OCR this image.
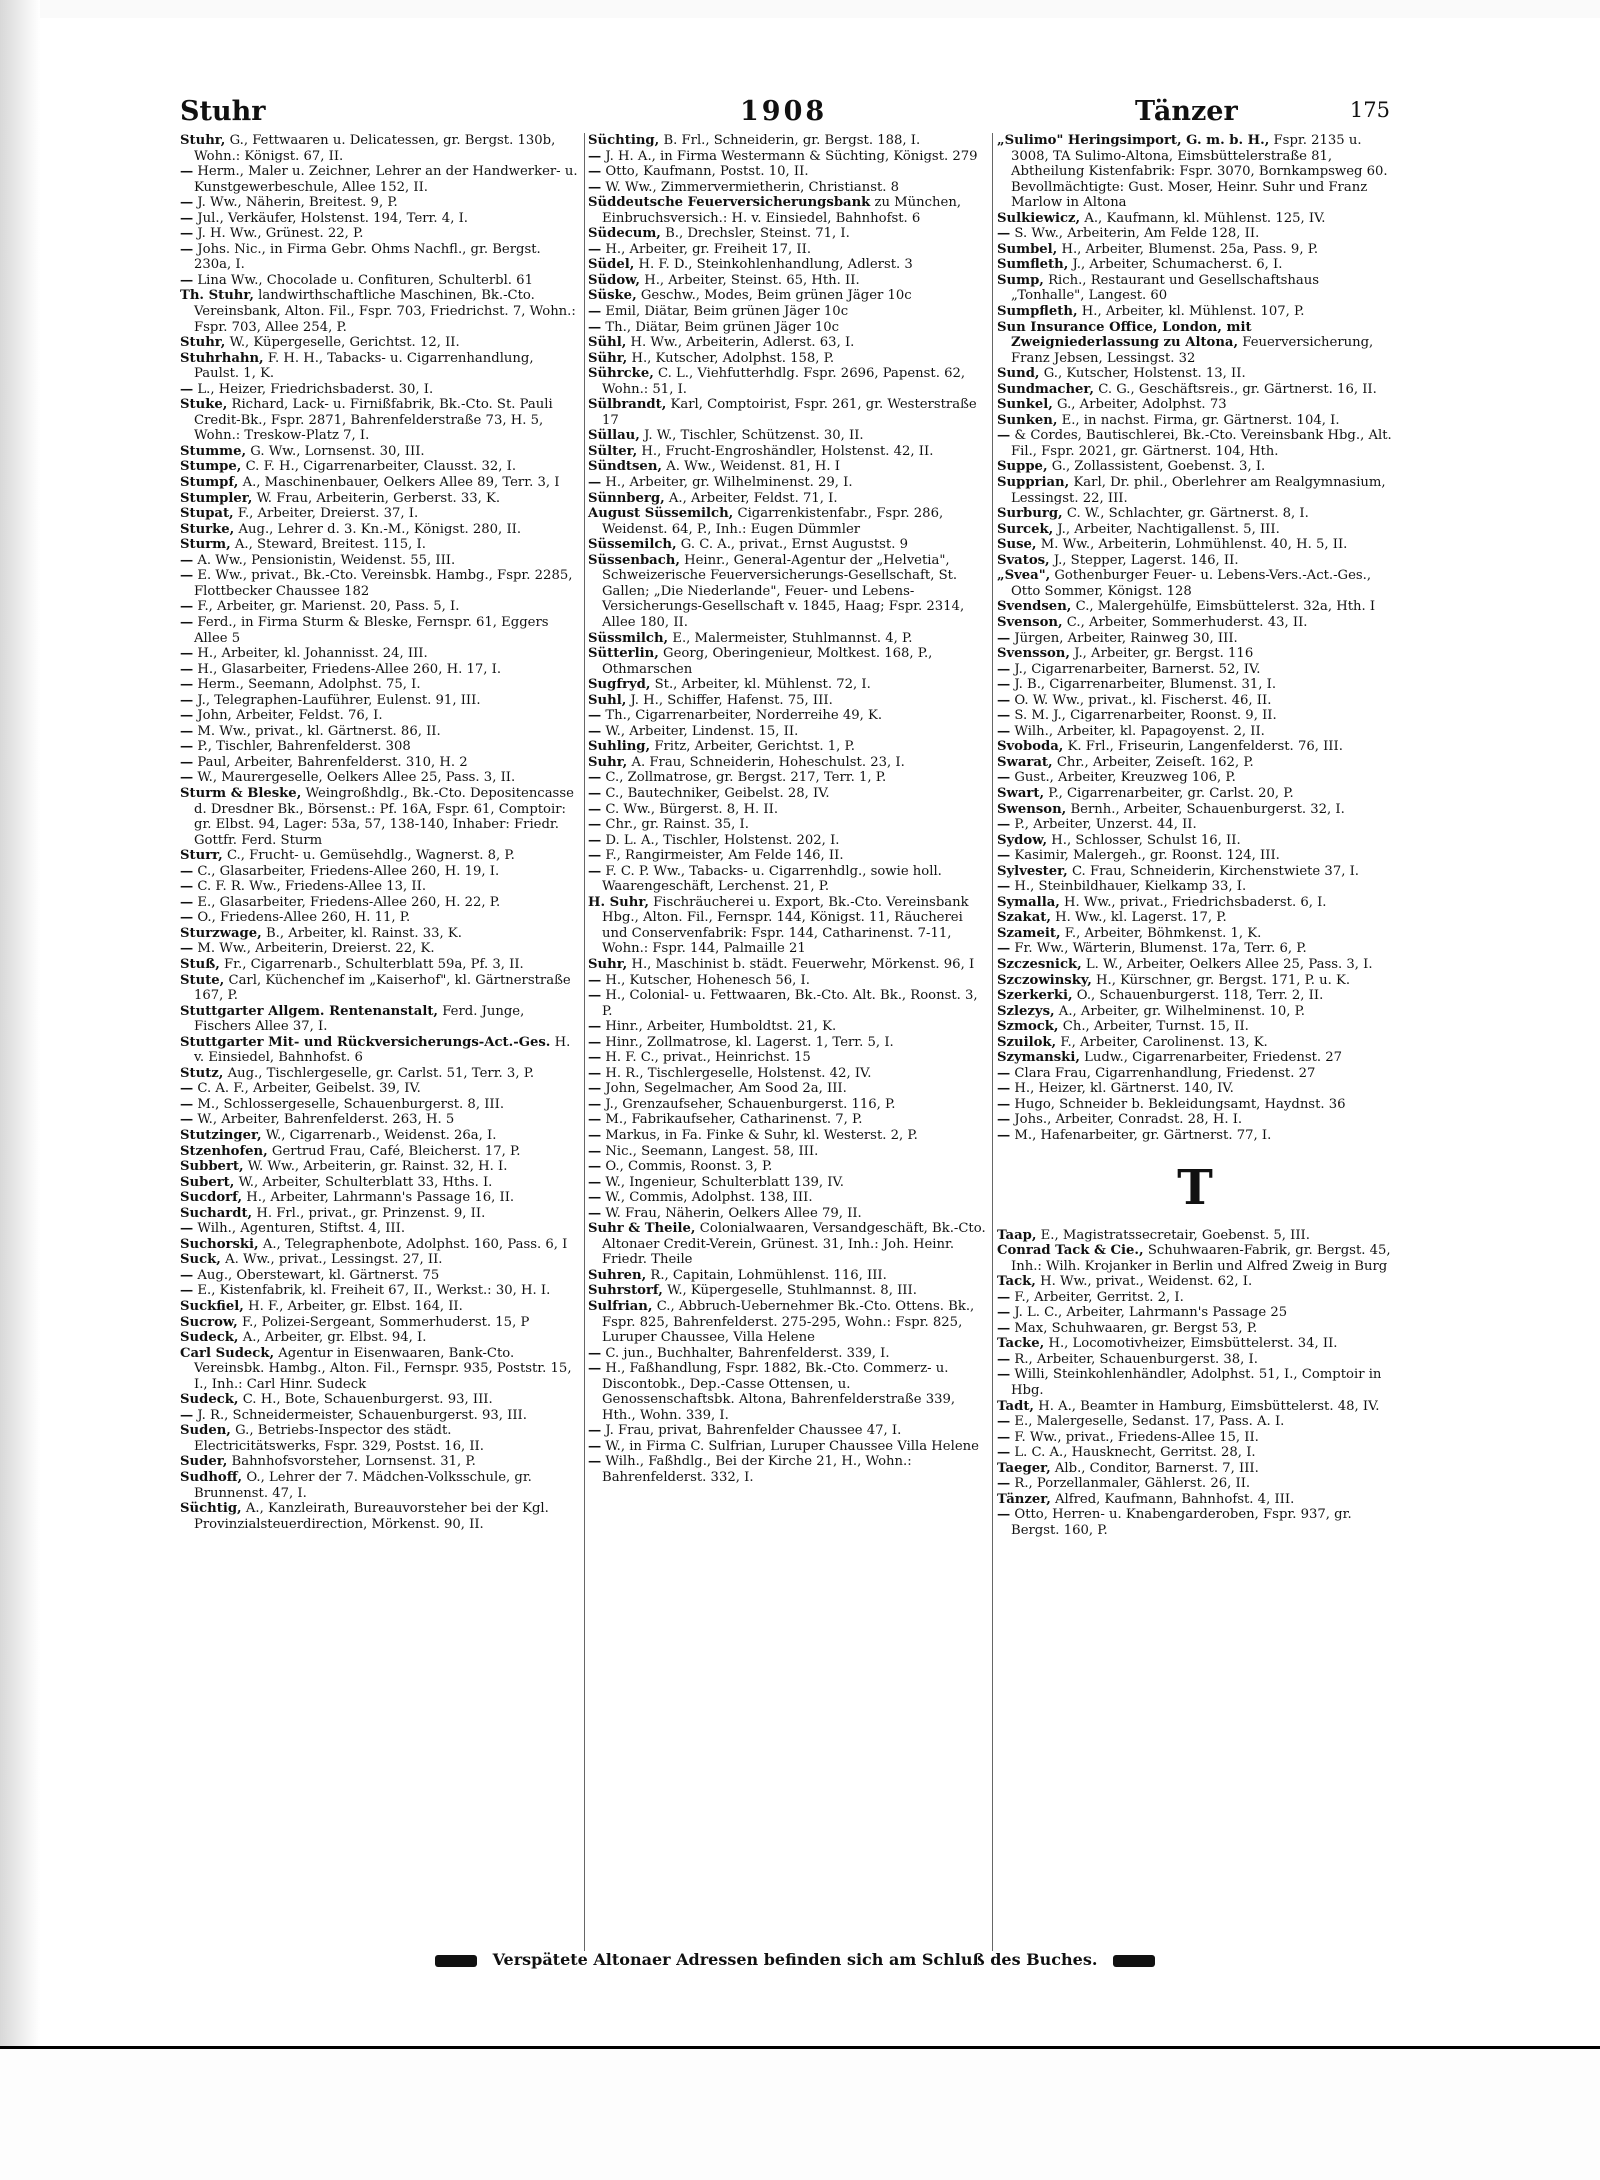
Stuhr	1908	Tänzer	175

Stuhr, G., Fettwaaren u. Delicatessen, gr. Bergst. 130b, Wohn.: Königst. 67, II.

— Herm., Maler u. Zeichner, Lehrer an der Handwerker- u. Kunstgewerbeschule, Allee 152, II.

— J. Ww., Näherin, Breitest. 9, P.

— Jul., Verkäufer, Holstenst. 194, Terr. 4, I.

— J. H. Ww., Grünest. 22, P.

— Johs. Nic., in Firma Gebr. Ohms Nachfl., gr. Bergst. 230a, I.

— Lina Ww., Chocolade u. Confituren, Schulterbl. 61

Th. Stuhr, landwirthschaftliche Maschinen, Bk.-Cto. Vereinsbank, Alton. Fil., Fspr. 703, Friedrichst. 7, Wohn.: Fspr. 703, Allee 254, P.

Stuhr, W., Küpergeselle, Gerichtst. 12, II.

Stuhrhahn, F. H. H., Tabacks- u. Cigarrenhandlung, Paulst. 1, K.

— L., Heizer, Friedrichsbaderst. 30, I.

Stuke, Richard, Lack- u. Firnißfabrik, Bk.-Cto. St. Pauli Credit-Bk., Fspr. 2871, Bahrenfelderstraße 73, H. 5, Wohn.: Treskow-Platz 7, I.

Stumme, G. Ww., Lornsenst. 30, III.

Stumpe, C. F. H., Cigarrenarbeiter, Clausst. 32, I.

Stumpf, A., Maschinenbauer, Oelkers Allee 89, Terr. 3, I

Stumpler, W. Frau, Arbeiterin, Gerberst. 33, K.

Stupat, F., Arbeiter, Dreierst. 37, I.

Sturke, Aug., Lehrer d. 3. Kn.-M., Königst. 280, II.

Sturm, A., Steward, Breitest. 115, I.

— A. Ww., Pensionistin, Weidenst. 55, III.

— E. Ww., privat., Bk.-Cto. Vereinsbk. Hambg., Fspr. 2285, Flottbecker Chaussee 182

— F., Arbeiter, gr. Marienst. 20, Pass. 5, I.

— Ferd., in Firma Sturm & Bleske, Fernspr. 61, Eggers Allee 5

— H., Arbeiter, kl. Johannisst. 24, III.

— H., Glasarbeiter, Friedens-Allee 260, H. 17, I.

— Herm., Seemann, Adolphst. 75, I.

— J., Telegraphen-Lauführer, Eulenst. 91, III.

— John, Arbeiter, Feldst. 76, I.

— M. Ww., privat., kl. Gärtnerst. 86, II.

— P., Tischler, Bahrenfelderst. 308

— Paul, Arbeiter, Bahrenfelderst. 310, H. 2

— W., Maurergeselle, Oelkers Allee 25, Pass. 3, II.

Sturm & Bleske, Weingroßhdlg., Bk.-Cto. Depositencasse d. Dresdner Bk., Börsenst.: Pf. 16A, Fspr. 61, Comptoir: gr. Elbst. 94, Lager: 53a, 57, 138-140, Inhaber: Friedr. Gottfr. Ferd. Sturm

Sturr, C., Frucht- u. Gemüsehdlg., Wagnerst. 8, P.

— C., Glasarbeiter, Friedens-Allee 260, H. 19, I.

— C. F. R. Ww., Friedens-Allee 13, II.

— E., Glasarbeiter, Friedens-Allee 260, H. 22, P.

— O., Friedens-Allee 260, H. 11, P.

Sturzwage, B., Arbeiter, kl. Rainst. 33, K.

— M. Ww., Arbeiterin, Dreierst. 22, K.

Stuß, Fr., Cigarrenarb., Schulterblatt 59a, Pf. 3, II.

Stute, Carl, Küchenchef im „Kaiserhof", kl. Gärtnerstraße 167, P.

Stuttgarter Allgem. Rentenanstalt, Ferd. Junge, Fischers Allee 37, I.

Stuttgarter Mit- und Rückversicherungs-Act.-Ges. H. v. Einsiedel, Bahnhofst. 6

Stutz, Aug., Tischlergeselle, gr. Carlst. 51, Terr. 3, P.

— C. A. F., Arbeiter, Geibelst. 39, IV.

— M., Schlossergeselle, Schauenburgerst. 8, III.

— W., Arbeiter, Bahrenfelderst. 263, H. 5

Stutzinger, W., Cigarrenarb., Weidenst. 26a, I.

Stzenhofen, Gertrud Frau, Café, Bleicherst. 17, P.

Subbert, W. Ww., Arbeiterin, gr. Rainst. 32, H. I.

Subert, W., Arbeiter, Schulterblatt 33, Hths. I.

Sucdorf, H., Arbeiter, Lahrmann's Passage 16, II.

Suchardt, H. Frl., privat., gr. Prinzenst. 9, II.

— Wilh., Agenturen, Stiftst. 4, III.

Suchorski, A., Telegraphenbote, Adolphst. 160, Pass. 6, I

Suck, A. Ww., privat., Lessingst. 27, II.

— Aug., Oberstewart, kl. Gärtnerst. 75

— E., Kistenfabrik, kl. Freiheit 67, II., Werkst.: 30, H. I.

Suckfiel, H. F., Arbeiter, gr. Elbst. 164, II.

Sucrow, F., Polizei-Sergeant, Sommerhuderst. 15, P

Sudeck, A., Arbeiter, gr. Elbst. 94, I.

Carl Sudeck, Agentur in Eisenwaaren, Bank-Cto. Vereinsbk. Hambg., Alton. Fil., Fernspr. 935, Poststr. 15, I., Inh.: Carl Hinr. Sudeck

Sudeck, C. H., Bote, Schauenburgerst. 93, III.

— J. R., Schneidermeister, Schauenburgerst. 93, III.

Suden, G., Betriebs-Inspector des städt. Electricitätswerks, Fspr. 329, Postst. 16, II.

Suder, Bahnhofsvorsteher, Lornsenst. 31, P.

Sudhoff, O., Lehrer der 7. Mädchen-Volksschule, gr. Brunnenst. 47, I.

Süchtig, A., Kanzleirath, Bureauvorsteher bei der Kgl. Provinzialsteuerdirection, Mörkenst. 90, II.

Süchting, B. Frl., Schneiderin, gr. Bergst. 188, I.

— J. H. A., in Firma Westermann & Süchting, Königst. 279

— Otto, Kaufmann, Postst. 10, II.

— W. Ww., Zimmervermietherin, Christianst. 8

Süddeutsche Feuerversicherungsbank zu München, Einbruchsversich.: H. v. Einsiedel, Bahnhofst. 6

Südecum, B., Drechsler, Steinst. 71, I.

— H., Arbeiter, gr. Freiheit 17, II.

Südel, H. F. D., Steinkohlenhandlung, Adlerst. 3

Südow, H., Arbeiter, Steinst. 65, Hth. II.

Süske, Geschw., Modes, Beim grünen Jäger 10c

— Emil, Diätar, Beim grünen Jäger 10c

— Th., Diätar, Beim grünen Jäger 10c

Sühl, H. Ww., Arbeiterin, Adlerst. 63, I.

Sühr, H., Kutscher, Adolphst. 158, P.

Sührcke, C. L., Viehfutterhdlg. Fspr. 2696, Papenst. 62, Wohn.: 51, I.

Sülbrandt, Karl, Comptoirist, Fspr. 261, gr. Westerstraße 17

Süllau, J. W., Tischler, Schützenst. 30, II.

Sülter, H., Frucht-Engroshändler, Holstenst. 42, II.

Sündtsen, A. Ww., Weidenst. 81, H. I

— H., Arbeiter, gr. Wilhelminenst. 29, I.

Sünnberg, A., Arbeiter, Feldst. 71, I.

August Süssemilch, Cigarrenkistenfabr., Fspr. 286, Weidenst. 64, P., Inh.: Eugen Dümmler

Süssemilch, G. C. A., privat., Ernst Augustst. 9

Süssenbach, Heinr., General-Agentur der „Helvetia", Schweizerische Feuerversicherungs-Gesellschaft, St. Gallen; „Die Niederlande", Feuer- und Lebens-Versicherungs-Gesellschaft v. 1845, Haag; Fspr. 2314, Allee 180, II.

Süssmilch, E., Malermeister, Stuhlmannst. 4, P.

Sütterlin, Georg, Oberingenieur, Moltkest. 168, P., Othmarschen

Sugfryd, St., Arbeiter, kl. Mühlenst. 72, I.

Suhl, J. H., Schiffer, Hafenst. 75, III.

— Th., Cigarrenarbeiter, Norderreihe 49, K.

— W., Arbeiter, Lindenst. 15, II.

Suhling, Fritz, Arbeiter, Gerichtst. 1, P.

Suhr, A. Frau, Schneiderin, Hoheschulst. 23, I.

— C., Zollmatrose, gr. Bergst. 217, Terr. 1, P.

— C., Bautechniker, Geibelst. 28, IV.

— C. Ww., Bürgerst. 8, H. II.

— Chr., gr. Rainst. 35, I.

— D. L. A., Tischler, Holstenst. 202, I.

— F., Rangirmeister, Am Felde 146, II.

— F. C. P. Ww., Tabacks- u. Cigarrenhdlg., sowie holl. Waarengeschäft, Lerchenst. 21, P.

H. Suhr, Fischräucherei u. Export, Bk.-Cto. Vereinsbank Hbg., Alton. Fil., Fernspr. 144, Königst. 11, Räucherei und Conservenfabrik: Fspr. 144, Catharinenst. 7-11, Wohn.: Fspr. 144, Palmaille 21

Suhr, H., Maschinist b. städt. Feuerwehr, Mörkenst. 96, I

— H., Kutscher, Hohenesch 56, I.

— H., Colonial- u. Fettwaaren, Bk.-Cto. Alt. Bk., Roonst. 3, P.

— Hinr., Arbeiter, Humboldtst. 21, K.

— Hinr., Zollmatrose, kl. Lagerst. 1, Terr. 5, I.

— H. F. C., privat., Heinrichst. 15

— H. R., Tischlergeselle, Holstenst. 42, IV.

— John, Segelmacher, Am Sood 2a, III.

— J., Grenzaufseher, Schauenburgerst. 116, P.

— M., Fabrikaufseher, Catharinenst. 7, P.

— Markus, in Fa. Finke & Suhr, kl. Westerst. 2, P.

— Nic., Seemann, Langest. 58, III.

— O., Commis, Roonst. 3, P.

— W., Ingenieur, Schulterblatt 139, IV.

— W., Commis, Adolphst. 138, III.

— W. Frau, Näherin, Oelkers Allee 79, II.

Suhr & Theile, Colonialwaaren, Versandgeschäft, Bk.-Cto. Altonaer Credit-Verein, Grünest. 31, Inh.: Joh. Heinr. Friedr. Theile

Suhren, R., Capitain, Lohmühlenst. 116, III.

Suhrstorf, W., Küpergeselle, Stuhlmannst. 8, III.

Sulfrian, C., Abbruch-Uebernehmer Bk.-Cto. Ottens. Bk., Fspr. 825, Bahrenfelderst. 275-295, Wohn.: Fspr. 825, Luruper Chaussee, Villa Helene

— C. jun., Buchhalter, Bahrenfelderst. 339, I.

— H., Faßhandlung, Fspr. 1882, Bk.-Cto. Commerz- u. Discontobk., Dep.-Casse Ottensen, u. Genossenschaftsbk. Altona, Bahrenfelderstraße 339, Hth., Wohn. 339, I.

— J. Frau, privat, Bahrenfelder Chaussee 47, I.

— W., in Firma C. Sulfrian, Luruper Chaussee Villa Helene

— Wilh., Faßhdlg., Bei der Kirche 21, H., Wohn.: Bahrenfelderst. 332, I.

„Sulimo" Heringsimport, G. m. b. H., Fspr. 2135 u. 3008, TA Sulimo-Altona, Eimsbüttelerstraße 81, Abtheilung Kistenfabrik: Fspr. 3070, Bornkampsweg 60. Bevollmächtigte: Gust. Moser, Heinr. Suhr und Franz Marlow in Altona

Sulkiewicz, A., Kaufmann, kl. Mühlenst. 125, IV.

— S. Ww., Arbeiterin, Am Felde 128, II.

Sumbel, H., Arbeiter, Blumenst. 25a, Pass. 9, P.

Sumfleth, J., Arbeiter, Schumacherst. 6, I.

Sump, Rich., Restaurant und Gesellschaftshaus „Tonhalle", Langest. 60

Sumpfleth, H., Arbeiter, kl. Mühlenst. 107, P.

Sun Insurance Office, London, mit Zweigniederlassung zu Altona, Feuerversicherung, Franz Jebsen, Lessingst. 32

Sund, G., Kutscher, Holstenst. 13, II.

Sundmacher, C. G., Geschäftsreis., gr. Gärtnerst. 16, II.

Sunkel, G., Arbeiter, Adolphst. 73

Sunken, E., in nachst. Firma, gr. Gärtnerst. 104, I.

— & Cordes, Bautischlerei, Bk.-Cto. Vereinsbank Hbg., Alt. Fil., Fspr. 2021, gr. Gärtnerst. 104, Hth.

Suppe, G., Zollassistent, Goebenst. 3, I.

Supprian, Karl, Dr. phil., Oberlehrer am Realgymnasium, Lessingst. 22, III.

Surburg, C. W., Schlachter, gr. Gärtnerst. 8, I.

Surcek, J., Arbeiter, Nachtigallenst. 5, III.

Suse, M. Ww., Arbeiterin, Lohmühlenst. 40, H. 5, II.

Svatos, J., Stepper, Lagerst. 146, II.

„Svea", Gothenburger Feuer- u. Lebens-Vers.-Act.-Ges., Otto Sommer, Königst. 128

Svendsen, C., Malergehülfe, Eimsbüttelerst. 32a, Hth. I

Svenson, C., Arbeiter, Sommerhuderst. 43, II.

— Jürgen, Arbeiter, Rainweg 30, III.

Svensson, J., Arbeiter, gr. Bergst. 116

— J., Cigarrenarbeiter, Barnerst. 52, IV.

— J. B., Cigarrenarbeiter, Blumenst. 31, I.

— O. W. Ww., privat., kl. Fischerst. 46, II.

— S. M. J., Cigarrenarbeiter, Roonst. 9, II.

— Wilh., Arbeiter, kl. Papagoyenst. 2, II.

Svoboda, K. Frl., Friseurin, Langenfelderst. 76, III.

Swarat, Chr., Arbeiter, Zeiseſt. 162, P.

— Gust., Arbeiter, Kreuzweg 106, P.

Swart, P., Cigarrenarbeiter, gr. Carlst. 20, P.

Swenson, Bernh., Arbeiter, Schauenburgerst. 32, I.

— P., Arbeiter, Unzerst. 44, II.

Sydow, H., Schlosser, Schulst 16, II.

— Kasimir, Malergeh., gr. Roonst. 124, III.

Sylvester, C. Frau, Schneiderin, Kirchenstwiete 37, I.

— H., Steinbildhauer, Kielkamp 33, I.

Symalla, H. Ww., privat., Friedrichsbaderst. 6, I.

Szakat, H. Ww., kl. Lagerst. 17, P.

Szameit, F., Arbeiter, Böhmkenst. 1, K.

— Fr. Ww., Wärterin, Blumenst. 17a, Terr. 6, P.

Szczesnick, L. W., Arbeiter, Oelkers Allee 25, Pass. 3, I.

Szczowinsky, H., Kürschner, gr. Bergst. 171, P. u. K.

Szerkerki, O., Schauenburgerst. 118, Terr. 2, II.

Szlezys, A., Arbeiter, gr. Wilhelminenst. 10, P.

Szmock, Ch., Arbeiter, Turnst. 15, II.

Szuilok, F., Arbeiter, Carolinenst. 13, K.

Szymanski, Ludw., Cigarrenarbeiter, Friedenst. 27

— Clara Frau, Cigarrenhandlung, Friedenst. 27

— H., Heizer, kl. Gärtnerst. 140, IV.

— Hugo, Schneider b. Bekleidungsamt, Haydnst. 36

— Johs., Arbeiter, Conradst. 28, H. I.

— M., Hafenarbeiter, gr. Gärtnerst. 77, I.

T

Taap, E., Magistratssecretair, Goebenst. 5, III.

Conrad Tack & Cie., Schuhwaaren-Fabrik, gr. Bergst. 45, Inh.: Wilh. Krojanker in Berlin und Alfred Zweig in Burg

Tack, H. Ww., privat., Weidenst. 62, I.

— F., Arbeiter, Gerritst. 2, I.

— J. L. C., Arbeiter, Lahrmann's Passage 25

— Max, Schuhwaaren, gr. Bergst 53, P.

Tacke, H., Locomotivheizer, Eimsbüttelerst. 34, II.

— R., Arbeiter, Schauenburgerst. 38, I.

— Willi, Steinkohlenhändler, Adolphst. 51, I., Comptoir in Hbg.

Tadt, H. A., Beamter in Hamburg, Eimsbüttelerst. 48, IV.

— E., Malergeselle, Sedanst. 17, Pass. A. I.

— F. Ww., privat., Friedens-Allee 15, II.

— L. C. A., Hausknecht, Gerritst. 28, I.

Taeger, Alb., Conditor, Barnerst. 7, III.

— R., Porzellanmaler, Gählerst. 26, II.

Tänzer, Alfred, Kaufmann, Bahnhofst. 4, III.

— Otto, Herren- u. Knabengarderoben, Fspr. 937, gr. Bergst. 160, P.

Verspätete Altonaer Adressen befinden sich am Schluß des Buches.
